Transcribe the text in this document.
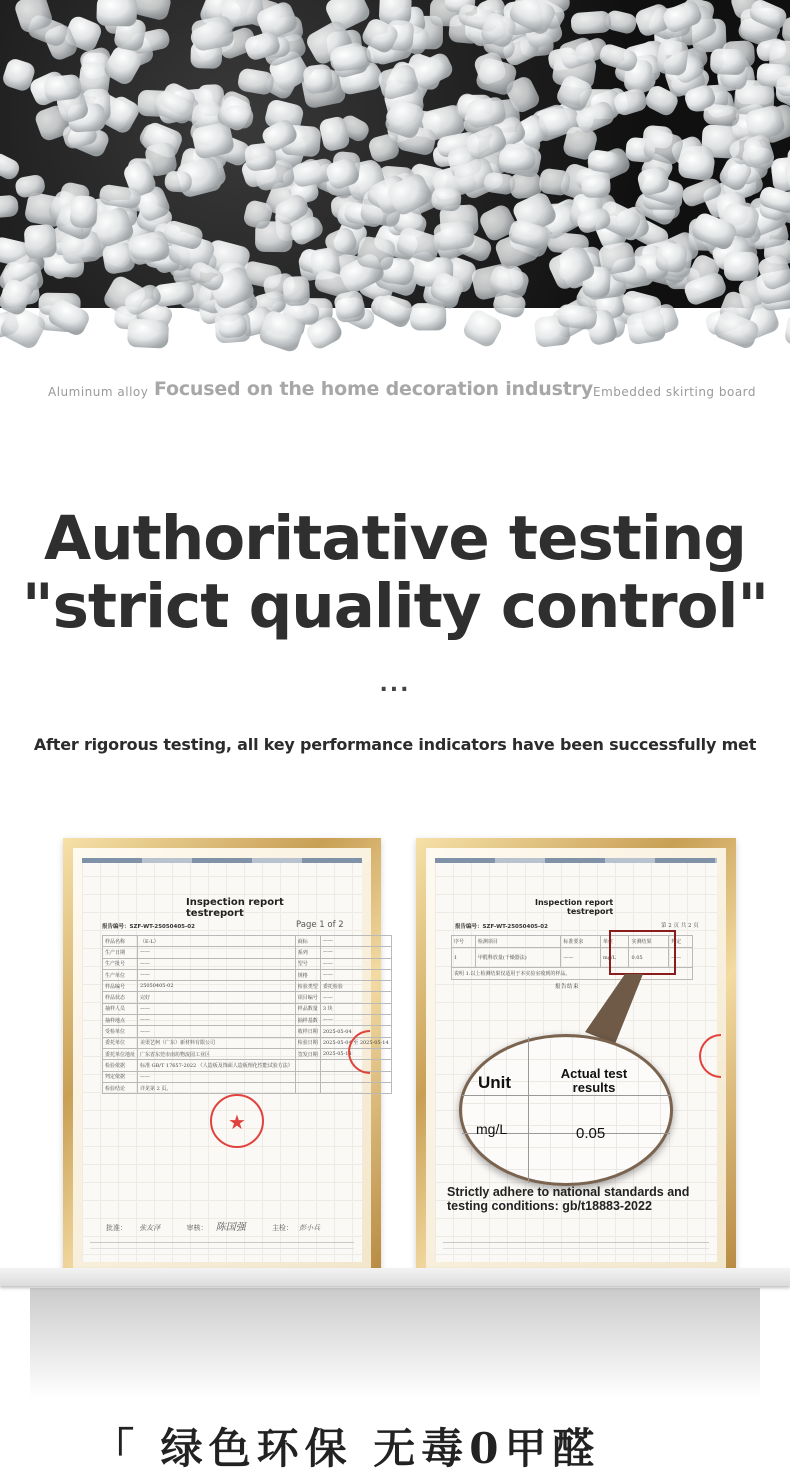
Aluminum alloy Focused on the home decoration industry Embedded skirting board
Authoritative testing
"strict quality control"
...
After rigorous testing, all key performance indicators have been successfully met
Inspection report
testreport
报告编号：SZF-WT-25050405-02	Page 1 of 2
样品名称	（E-L）	商标	——
生产日期	——	系列	——
生产批号	——	型号	——
生产单位	——	规格	——
样品编号	25050405-02	检验类型	委托检验
样品状态	完好	项目编号	——
抽样人员	——	样品数量	3 块
抽样地点	——	抽样基数	——
受检单位	——	收样日期	2025-05-04
委托单位	美渠艺柯（广东）新材料有限公司	检验日期	2025-05-04 至 2025-05-14
委托单位地址	广东省东莞市南坊物流园工业区	签发日期	2025-05-14
检验依据	标准 GB/T 17657-2022 《人造板及饰面人造板理化性能试验方法》		
判定依据	——		
检验结论	详见第 2 页。		
★
批准： 张友泽	审核： 陈国强	主检： 彭小兵
Inspection report
testreport
报告编号：SZF-WT-25050405-02	第 2 页 共 2 页
序号	检测项目	标准要求	单位	实测结果	判定
1	甲醛释放量(干燥器法)	——	mg/L	0.05	——
说明 1.以上检测结果仅适用于本实验室收到的样品。					
报告结束
Unit	Actual test results
mg/L	0.05
Strictly adhere to national standards and testing conditions: gb/t18883-2022
「 绿色环保 无毒0甲醛
